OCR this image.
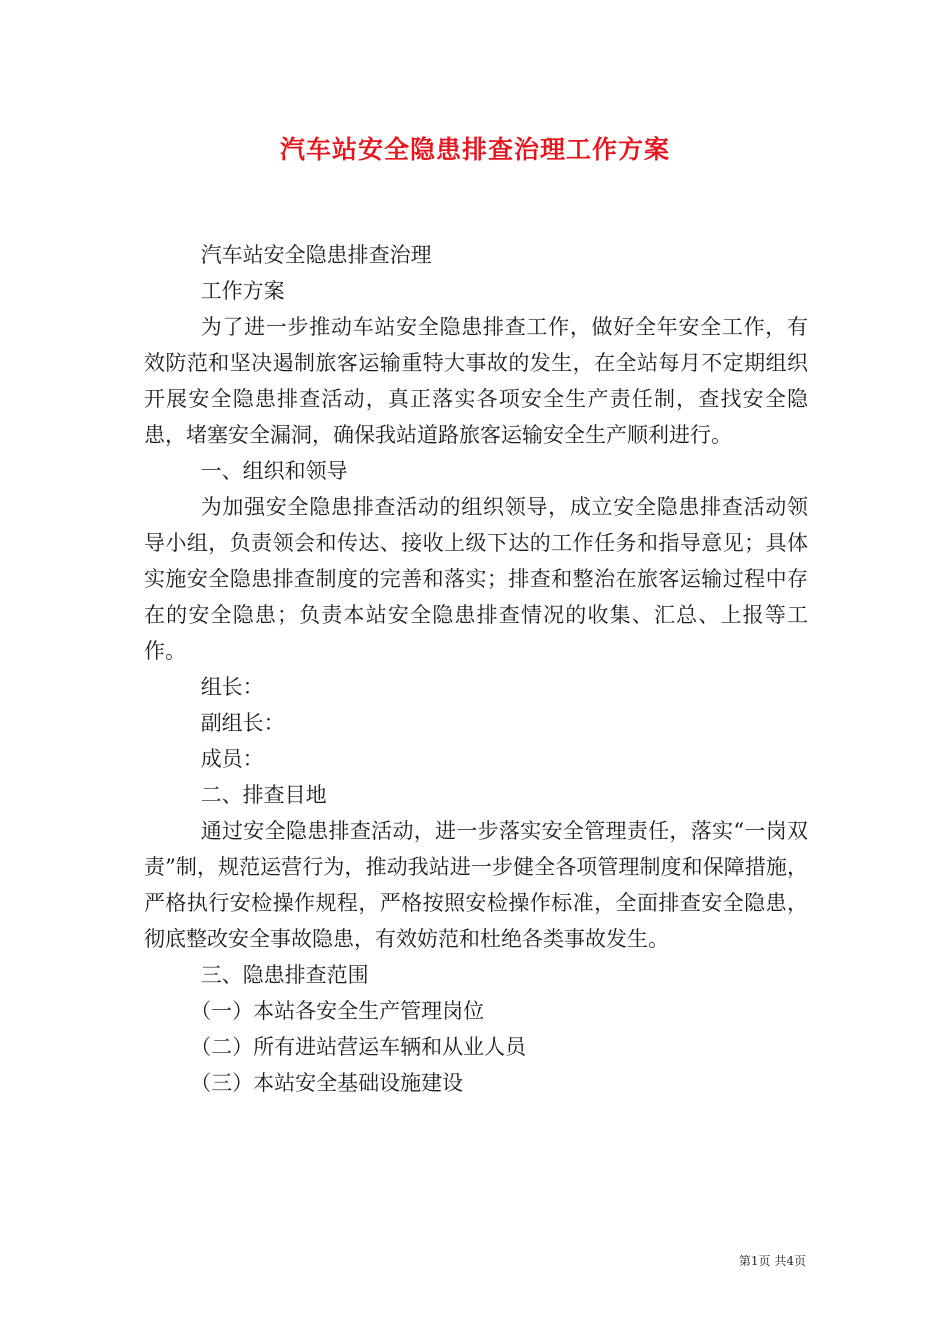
汽车站安全隐患排查治理工作方案

汽车站安全隐患排查治理

工作方案

为了进一步推动车站安全隐患排查工作，做好全年安全工作，有效防范和坚决遏制旅客运输重特大事故的发生，在全站每月不定期组织开展安全隐患排查活动，真正落实各项安全生产责任制，查找安全隐患，堵塞安全漏洞，确保我站道路旅客运输安全生产顺利进行。

一、组织和领导

为加强安全隐患排查活动的组织领导，成立安全隐患排查活动领导小组，负责领会和传达、接收上级下达的工作任务和指导意见；具体实施安全隐患排查制度的完善和落实；排查和整治在旅客运输过程中存在的安全隐患；负责本站安全隐患排查情况的收集、汇总、上报等工作。

组长：

副组长：

成员：

二、排查目地

通过安全隐患排查活动，进一步落实安全管理责任，落实“一岗双责”制，规范运营行为，推动我站进一步健全各项管理制度和保障措施，严格执行安检操作规程，严格按照安检操作标准，全面排查安全隐患，彻底整改安全事故隐患，有效妨范和杜绝各类事故发生。

三、隐患排查范围

（一）本站各安全生产管理岗位

（二）所有进站营运车辆和从业人员

（三）本站安全基础设施建设

第1页 共4页
